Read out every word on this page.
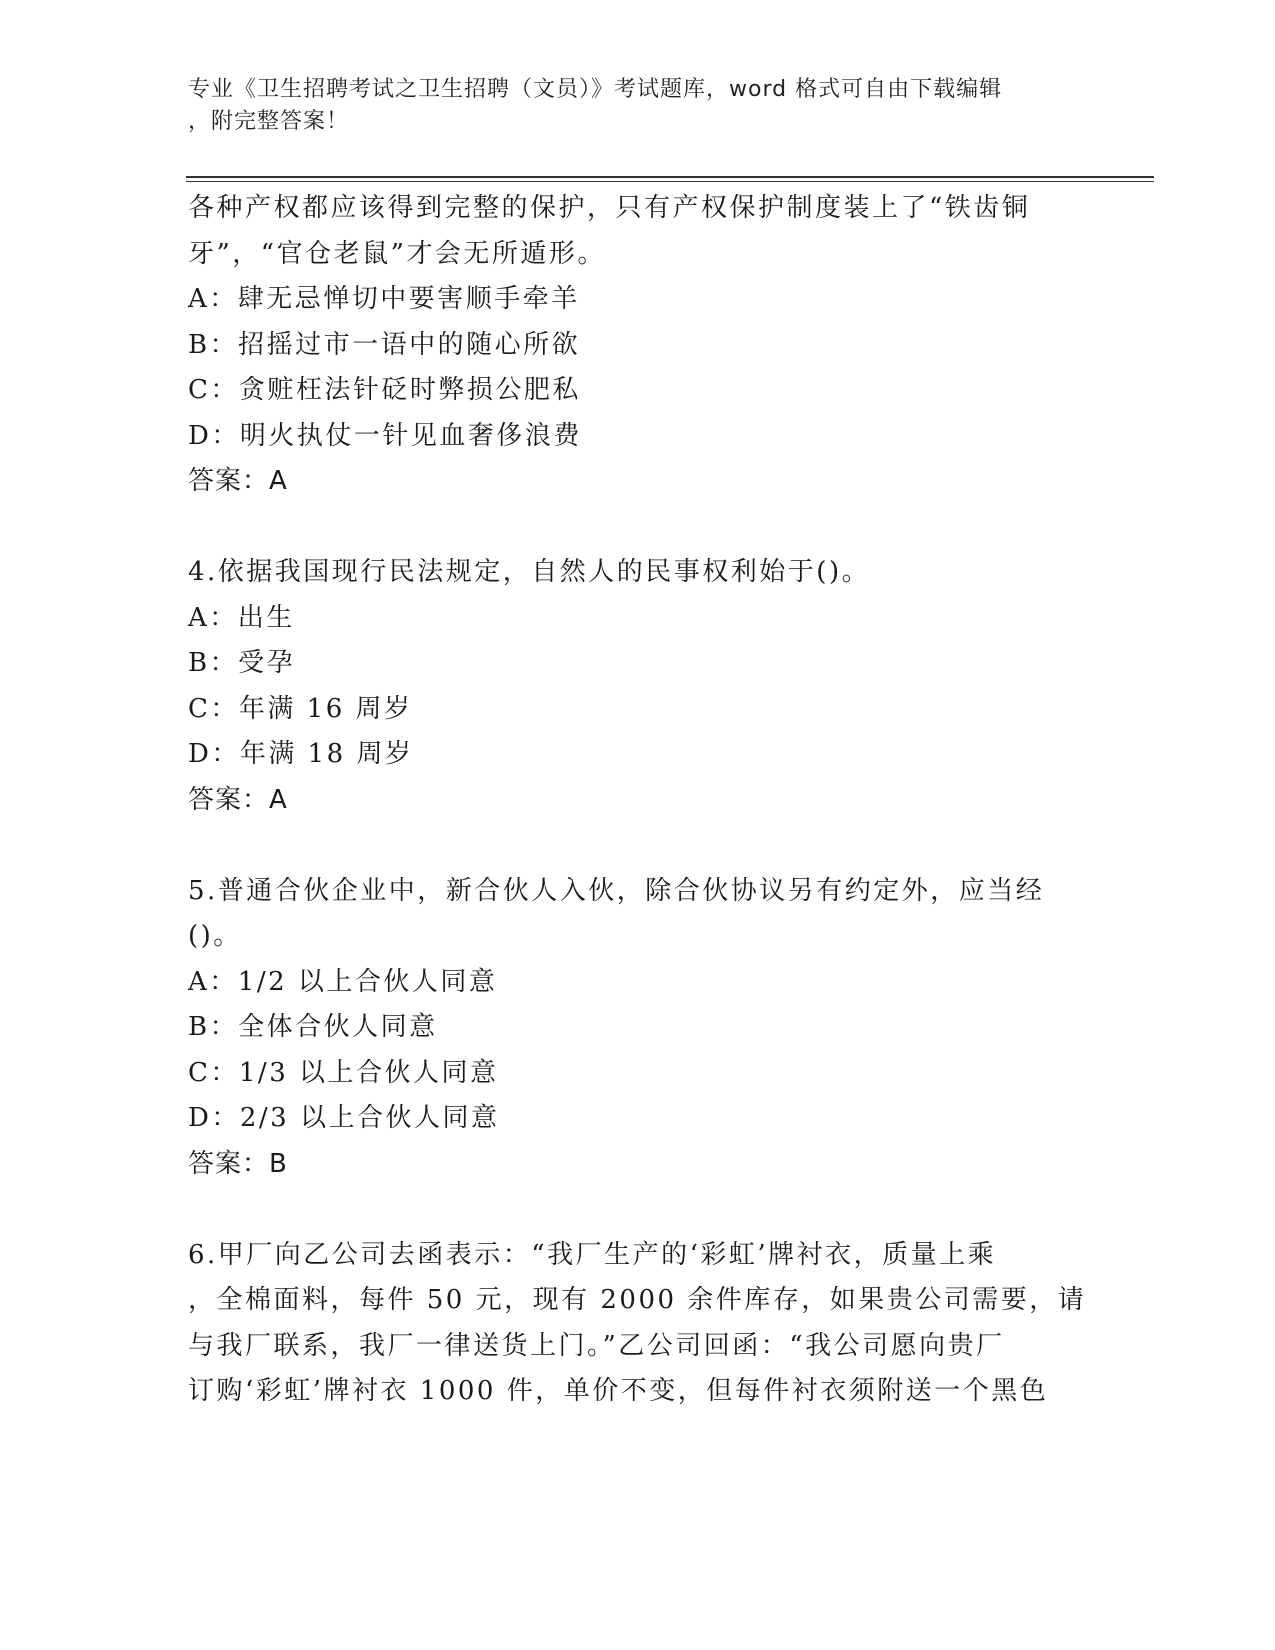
专业《卫生招聘考试之卫生招聘（文员）》考试题库，word 格式可自由下载编辑
，附完整答案！
各种产权都应该得到完整的保护，只有产权保护制度装上了“铁齿铜
牙”，“官仓老鼠”才会无所遁形。
A：肆无忌惮切中要害顺手牵羊
B：招摇过市一语中的随心所欲
C：贪赃枉法针砭时弊损公肥私
D：明火执仗一针见血奢侈浪费
答案：A
4.依据我国现行民法规定，自然人的民事权利始于()。
A：出生
B：受孕
C：年满 16 周岁
D：年满 18 周岁
答案：A
5.普通合伙企业中，新合伙人入伙，除合伙协议另有约定外，应当经
()。
A：1/2 以上合伙人同意
B：全体合伙人同意
C：1/3 以上合伙人同意
D：2/3 以上合伙人同意
答案：B
6.甲厂向乙公司去函表示：“我厂生产的‘彩虹’牌衬衣，质量上乘
，全棉面料，每件 50 元，现有 2000 余件库存，如果贵公司需要，请
与我厂联系，我厂一律送货上门。”乙公司回函：“我公司愿向贵厂
订购‘彩虹’牌衬衣 1000 件，单价不变，但每件衬衣须附送一个黑色
